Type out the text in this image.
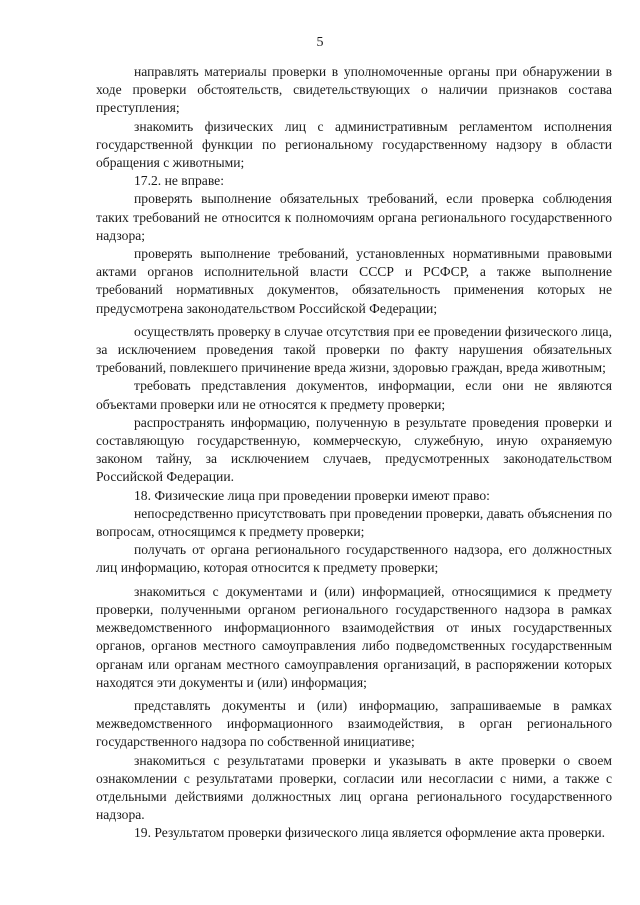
5

направлять материалы проверки в уполномоченные органы при обнаружении в ходе проверки обстоятельств, свидетельствующих о наличии признаков состава преступления;

знакомить физических лиц с административным регламентом исполнения государственной функции по региональному государственному надзору в области обращения с животными;

17.2. не вправе:

проверять выполнение обязательных требований, если проверка соблюдения таких требований не относится к полномочиям органа регионального государственного надзора;

проверять выполнение требований, установленных нормативными правовыми актами органов исполнительной власти СССР и РСФСР, а также выполнение требований нормативных документов, обязательность применения которых не предусмотрена законодательством Российской Федерации;

осуществлять проверку в случае отсутствия при ее проведении физического лица, за исключением проведения такой проверки по факту нарушения обязательных требований, повлекшего причинение вреда жизни, здоровью граждан, вреда животным;

требовать представления документов, информации, если они не являются объектами проверки или не относятся к предмету проверки;

распространять информацию, полученную в результате проведения проверки и составляющую государственную, коммерческую, служебную, иную охраняемую законом тайну, за исключением случаев, предусмотренных законодательством Российской Федерации.

18. Физические лица при проведении проверки имеют право:

непосредственно присутствовать при проведении проверки, давать объяснения по вопросам, относящимся к предмету проверки;

получать от органа регионального государственного надзора, его должностных лиц информацию, которая относится к предмету проверки;

знакомиться с документами и (или) информацией, относящимися к предмету проверки, полученными органом регионального государственного надзора в рамках межведомственного информационного взаимодействия от иных государственных органов, органов местного самоуправления либо подведомственных государственным органам или органам местного самоуправления организаций, в распоряжении которых находятся эти документы и (или) информация;

представлять документы и (или) информацию, запрашиваемые в рамках межведомственного информационного взаимодействия, в орган регионального государственного надзора по собственной инициативе;

знакомиться с результатами проверки и указывать в акте проверки о своем ознакомлении с результатами проверки, согласии или несогласии с ними, а также с отдельными действиями должностных лиц органа регионального государственного надзора.

19. Результатом проверки физического лица является оформление акта проверки.
